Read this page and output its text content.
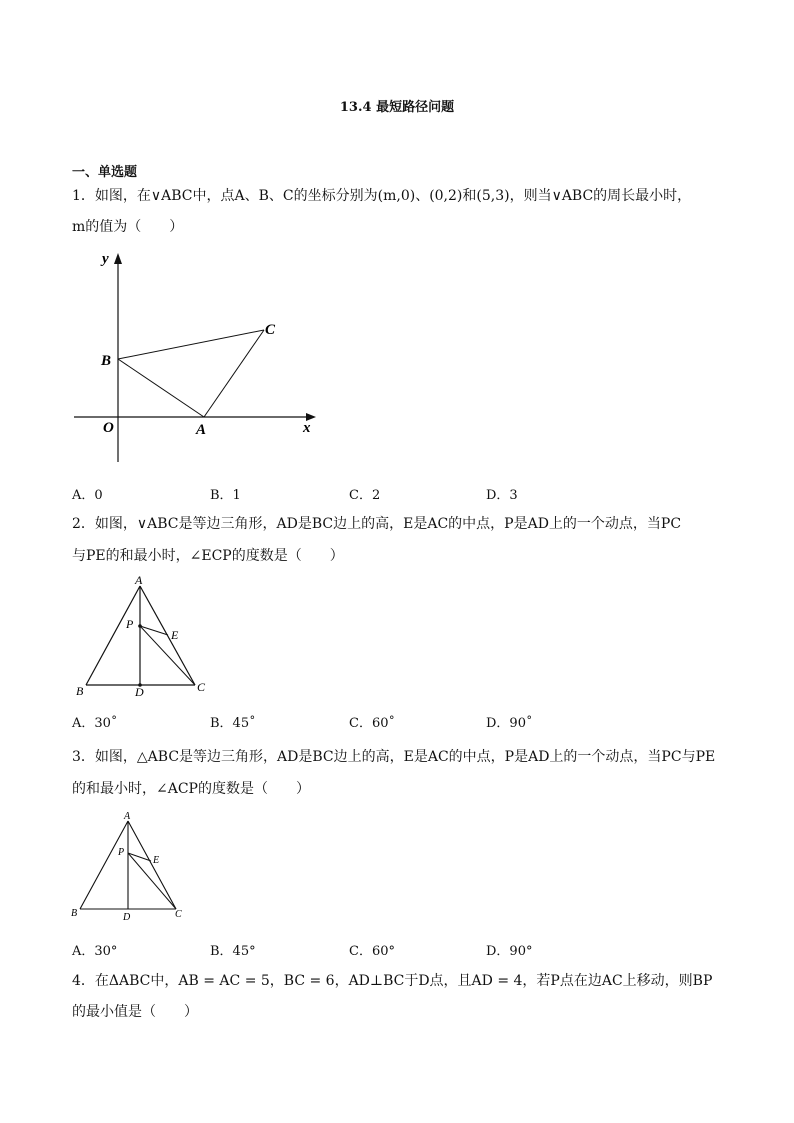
13.4 最短路径问题
一、单选题
1．如图，在∨ABC中，点A、B、C的坐标分别为(m,0)、(0,2)和(5,3)，则当∨ABC的周长最小时，
m的值为（　　）
y
x
O	A
B
C
A．0	B．1	C．2	D．3
2．如图，∨ABC是等边三角形，AD是BC边上的高，E是AC的中点，P是AD上的一个动点，当PC
与PE的和最小时，∠ECP的度数是（　　）
A
B	C
D
E
P
A．30˚	B．45˚	C．60˚	D．90˚
3．如图，△ABC是等边三角形，AD是BC边上的高，E是AC的中点，P是AD上的一个动点，当PC与PE
的和最小时，∠ACP的度数是（　　）
A
B	C
D
E
P
A．30°	B．45°	C．60°	D．90°
4．在ΔABC中，AB = AC = 5，BC = 6，AD⊥BC于D点，且AD = 4，若P点在边AC上移动，则BP
的最小值是（　　）
